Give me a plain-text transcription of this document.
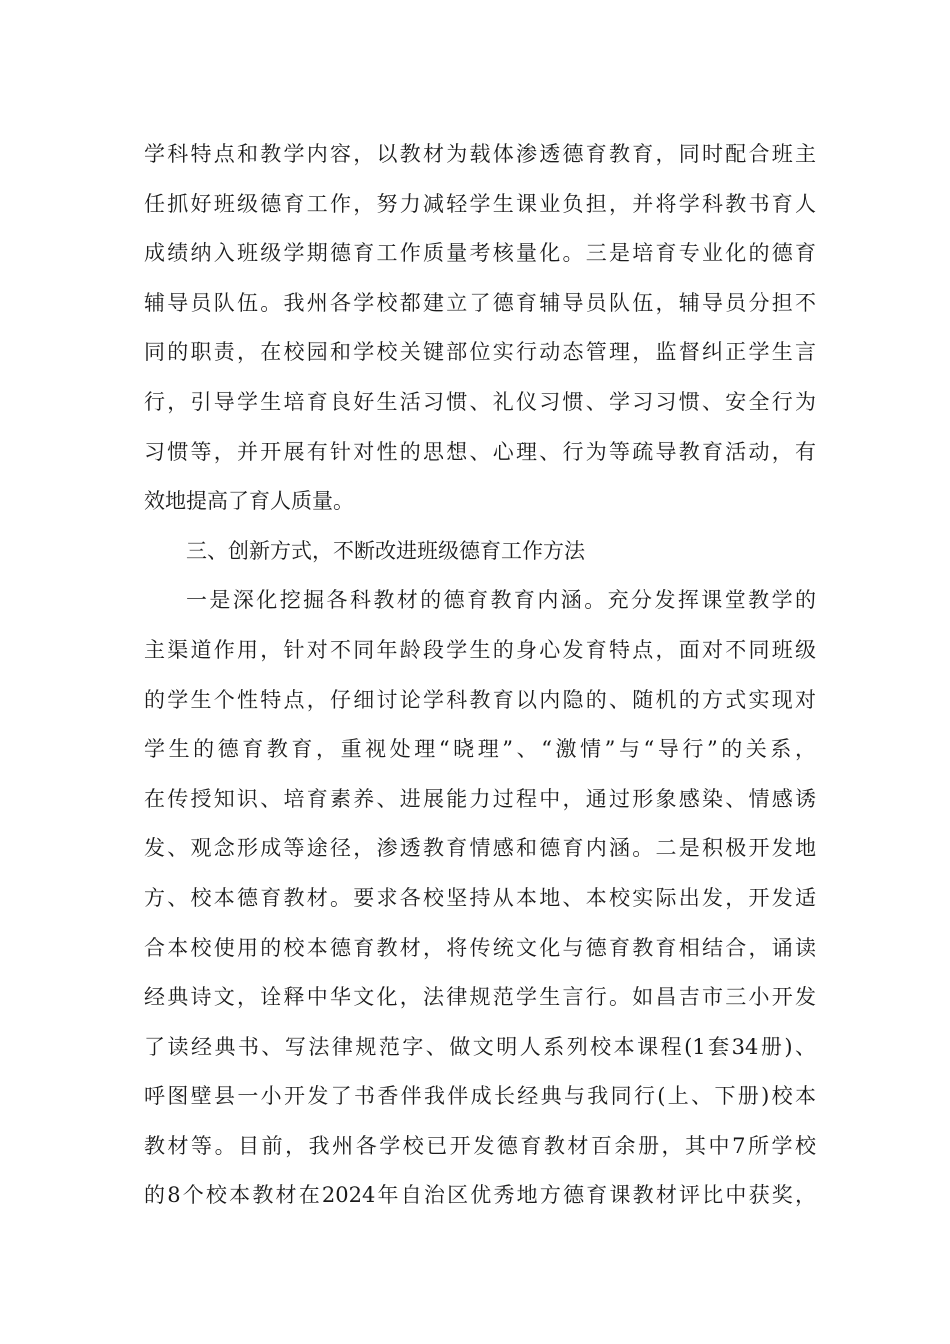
学科特点和教学内容，以教材为载体渗透德育教育，同时配合班主
任抓好班级德育工作，努力减轻学生课业负担，并将学科教书育人
成绩纳入班级学期德育工作质量考核量化。三是培育专业化的德育
辅导员队伍。我州各学校都建立了德育辅导员队伍，辅导员分担不
同的职责，在校园和学校关键部位实行动态管理，监督纠正学生言
行，引导学生培育良好生活习惯、礼仪习惯、学习习惯、安全行为
习惯等，并开展有针对性的思想、心理、行为等疏导教育活动，有
效地提高了育人质量。
三、创新方式，不断改进班级德育工作方法
一是深化挖掘各科教材的德育教育内涵。充分发挥课堂教学的
主渠道作用，针对不同年龄段学生的身心发育特点，面对不同班级
的学生个性特点，仔细讨论学科教育以内隐的、随机的方式实现对
学生的德育教育，重视处理“晓理”、“激情”与“导行”的关系，
在传授知识、培育素养、进展能力过程中，通过形象感染、情感诱
发、观念形成等途径，渗透教育情感和德育内涵。二是积极开发地
方、校本德育教材。要求各校坚持从本地、本校实际出发，开发适
合本校使用的校本德育教材，将传统文化与德育教育相结合，诵读
经典诗文，诠释中华文化，法律规范学生言行。如昌吉市三小开发
了读经典书、写法律规范字、做文明人系列校本课程(1套34册)、
呼图壁县一小开发了书香伴我伴成长经典与我同行(上、下册)校本
教材等。目前，我州各学校已开发德育教材百余册，其中7所学校
的8个校本教材在2024年自治区优秀地方德育课教材评比中获奖，
